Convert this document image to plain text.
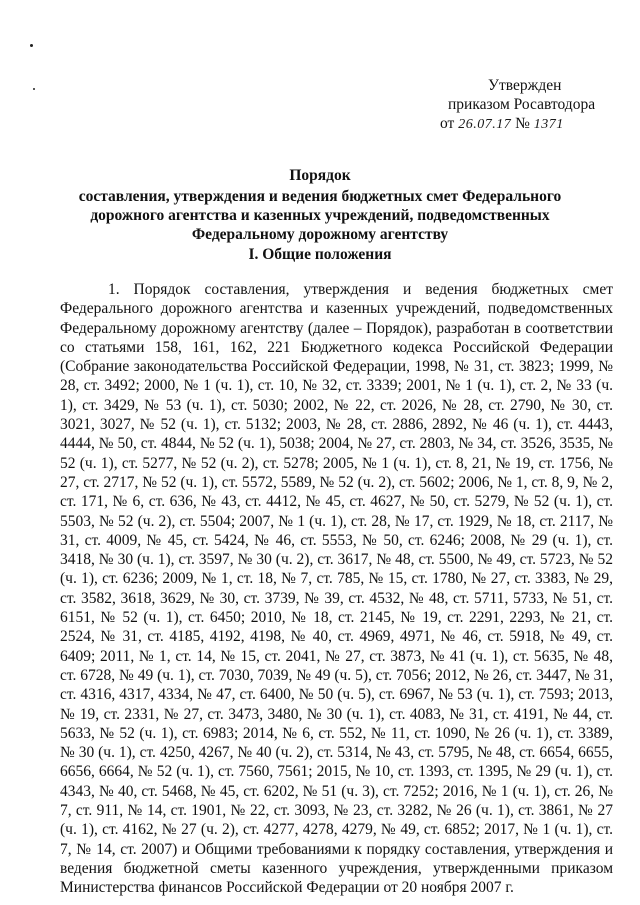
Утвержден
приказом Росавтодора
от 26.07.17 № 1371
Порядок
составления, утверждения и ведения бюджетных смет Федерального дорожного агентства и казенных учреждений, подведомственных Федеральному дорожному агентству
I. Общие положения

1. Порядок составления, утверждения и ведения бюджетных смет Федерального дорожного агентства и казенных учреждений, подведомственных Федеральному дорожному агентству (далее – Порядок), разработан в соответствии со статьями 158, 161, 162, 221 Бюджетного кодекса Российской Федерации (Собрание законодательства Российской Федерации, 1998, № 31, ст. 3823; 1999, № 28, ст. 3492; 2000, № 1 (ч. 1), ст. 10, № 32, ст. 3339; 2001, № 1 (ч. 1), ст. 2, № 33 (ч. 1), ст. 3429, № 53 (ч. 1), ст. 5030; 2002, № 22, ст. 2026, № 28, ст. 2790, № 30, ст. 3021, 3027, № 52 (ч. 1), ст. 5132; 2003, № 28, ст. 2886, 2892, № 46 (ч. 1), ст. 4443, 4444, № 50, ст. 4844, № 52 (ч. 1), 5038; 2004, № 27, ст. 2803, № 34, ст. 3526, 3535, № 52 (ч. 1), ст. 5277, № 52 (ч. 2), ст. 5278; 2005, № 1 (ч. 1), ст. 8, 21, № 19, ст. 1756, № 27, ст. 2717, № 52 (ч. 1), ст. 5572, 5589, № 52 (ч. 2), ст. 5602; 2006, № 1, ст. 8, 9, № 2, ст. 171, № 6, ст. 636, № 43, ст. 4412, № 45, ст. 4627, № 50, ст. 5279, № 52 (ч. 1), ст. 5503, № 52 (ч. 2), ст. 5504; 2007, № 1 (ч. 1), ст. 28, № 17, ст. 1929, № 18, ст. 2117, № 31, ст. 4009, № 45, ст. 5424, № 46, ст. 5553, № 50, ст. 6246; 2008, № 29 (ч. 1), ст. 3418, № 30 (ч. 1), ст. 3597, № 30 (ч. 2), ст. 3617, № 48, ст. 5500, № 49, ст. 5723, № 52 (ч. 1), ст. 6236; 2009, № 1, ст. 18, № 7, ст. 785, № 15, ст. 1780, № 27, ст. 3383, № 29, ст. 3582, 3618, 3629, № 30, ст. 3739, № 39, ст. 4532, № 48, ст. 5711, 5733, № 51, ст. 6151, № 52 (ч. 1), ст. 6450; 2010, № 18, ст. 2145, № 19, ст. 2291, 2293, № 21, ст. 2524, № 31, ст. 4185, 4192, 4198, № 40, ст. 4969, 4971, № 46, ст. 5918, № 49, ст. 6409; 2011, № 1, ст. 14, № 15, ст. 2041, № 27, ст. 3873, № 41 (ч. 1), ст. 5635, № 48, ст. 6728, № 49 (ч. 1), ст. 7030, 7039, № 49 (ч. 5), ст. 7056; 2012, № 26, ст. 3447, № 31, ст. 4316, 4317, 4334, № 47, ст. 6400, № 50 (ч. 5), ст. 6967, № 53 (ч. 1), ст. 7593; 2013, № 19, ст. 2331, № 27, ст. 3473, 3480, № 30 (ч. 1), ст. 4083, № 31, ст. 4191, № 44, ст. 5633, № 52 (ч. 1), ст. 6983; 2014, № 6, ст. 552, № 11, ст. 1090, № 26 (ч. 1), ст. 3389, № 30 (ч. 1), ст. 4250, 4267, № 40 (ч. 2), ст. 5314, № 43, ст. 5795, № 48, ст. 6654, 6655, 6656, 6664, № 52 (ч. 1), ст. 7560, 7561; 2015, № 10, ст. 1393, ст. 1395, № 29 (ч. 1), ст. 4343, № 40, ст. 5468, № 45, ст. 6202, № 51 (ч. 3), ст. 7252; 2016, № 1 (ч. 1), ст. 26, № 7, ст. 911, № 14, ст. 1901, № 22, ст. 3093, № 23, ст. 3282, № 26 (ч. 1), ст. 3861, № 27 (ч. 1), ст. 4162, № 27 (ч. 2), ст. 4277, 4278, 4279, № 49, ст. 6852; 2017, № 1 (ч. 1), ст. 7, № 14, ст. 2007) и Общими требованиями к порядку составления, утверждения и ведения бюджетной сметы казенного учреждения, утвержденными приказом Министерства финансов Российской Федерации от 20 ноября 2007 г.
